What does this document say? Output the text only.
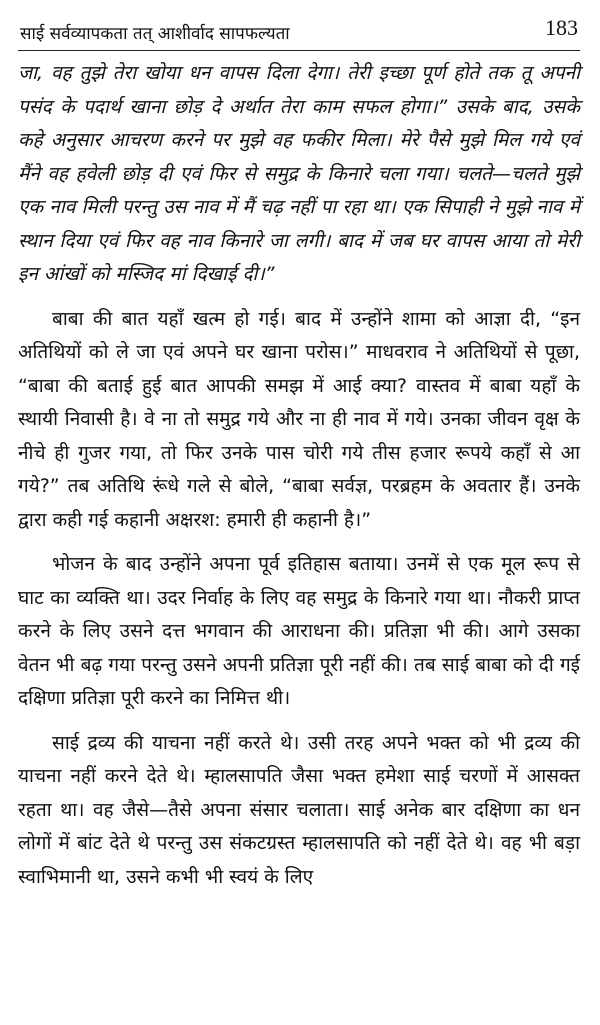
साई सर्वव्यापकता तत् आशीर्वाद सापफल्यता	183

जा, वह तुझे तेरा खोया धन वापस दिला देगा। तेरी इच्छा पूर्ण होते तक तू अपनी पसंद के पदार्थ खाना छोड़ दे अर्थात तेरा काम सफल होगा।” उसके बाद, उसके कहे अनुसार आचरण करने पर मुझे वह फकीर मिला। मेरे पैसे मुझे मिल गये एवं मैंने वह हवेली छोड़ दी एवं फिर से समुद्र के किनारे चला गया। चलते—चलते मुझे एक नाव मिली परन्तु उस नाव में मैं चढ़ नहीं पा रहा था। एक सिपाही ने मुझे नाव में स्थान दिया एवं फिर वह नाव किनारे जा लगी। बाद में जब घर वापस आया तो मेरी इन आंखों को मस्जिद मां दिखाई दी।”

बाबा की बात यहाँ खत्म हो गई। बाद में उन्होंने शामा को आज्ञा दी, “इन अतिथियों को ले जा एवं अपने घर खाना परोस।” माधवराव ने अतिथियों से पूछा, “बाबा की बताई हुई बात आपकी समझ में आई क्या? वास्तव में बाबा यहाँ के स्थायी निवासी है। वे ना तो समुद्र गये और ना ही नाव में गये। उनका जीवन वृक्ष के नीचे ही गुजर गया, तो फिर उनके पास चोरी गये तीस हजार रूपये कहाँ से आ गये?” तब अतिथि रूंधे गले से बोले, “बाबा सर्वज्ञ, परब्रहम के अवतार हैं। उनके द्वारा कही गई कहानी अक्षरश: हमारी ही कहानी है।”

भोजन के बाद उन्होंने अपना पूर्व इतिहास बताया। उनमें से एक मूल रूप से घाट का व्यक्ति था। उदर निर्वाह के लिए वह समुद्र के किनारे गया था। नौकरी प्राप्त करने के लिए उसने दत्त भगवान की आराधना की। प्रतिज्ञा भी की। आगे उसका वेतन भी बढ़ गया परन्तु उसने अपनी प्रतिज्ञा पूरी नहीं की। तब साई बाबा को दी गई दक्षिणा प्रतिज्ञा पूरी करने का निमित्त थी।

साई द्रव्य की याचना नहीं करते थे। उसी तरह अपने भक्त को भी द्रव्य की याचना नहीं करने देते थे। म्हालसापति जैसा भक्त हमेशा साई चरणों में आसक्त रहता था। वह जैसे—तैसे अपना संसार चलाता। साई अनेक बार दक्षिणा का धन लोगों में बांट देते थे परन्तु उस संकटग्रस्त म्हालसापति को नहीं देते थे। वह भी बड़ा स्वाभिमानी था, उसने कभी भी स्वयं के लिए
